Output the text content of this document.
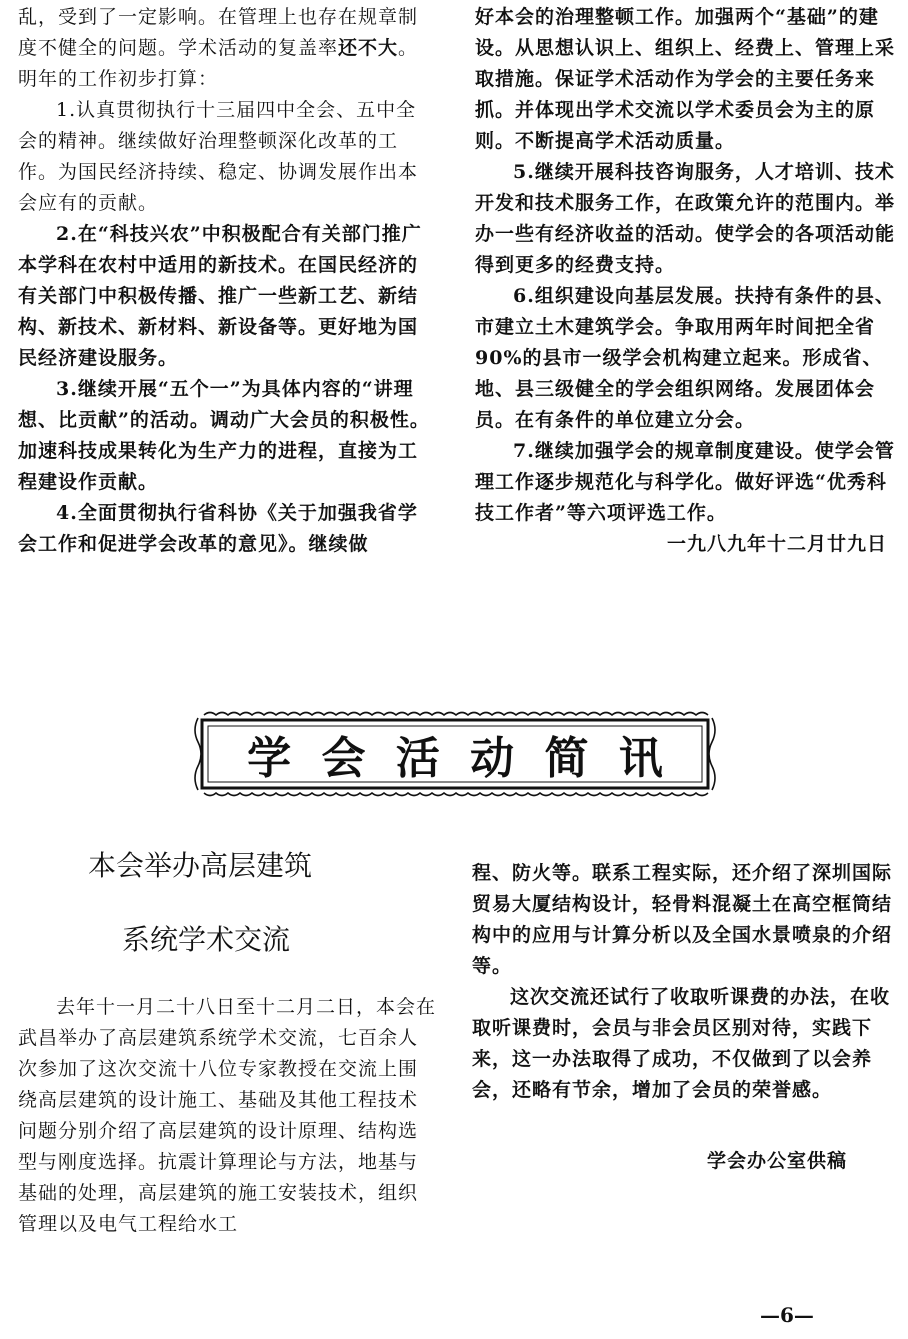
乱，受到了一定影响。在管理上也存在规章制度不健全的问题。学术活动的复盖率还不大。明年的工作初步打算：

1.认真贯彻执行十三届四中全会、五中全会的精神。继续做好治理整顿深化改革的工作。为国民经济持续、稳定、协调发展作出本会应有的贡献。

2.在“科技兴农”中积极配合有关部门推广本学科在农村中适用的新技术。在国民经济的有关部门中积极传播、推广一些新工艺、新结构、新技术、新材料、新设备等。更好地为国民经济建设服务。

3.继续开展“五个一”为具体内容的“讲理想、比贡献”的活动。调动广大会员的积极性。加速科技成果转化为生产力的进程，直接为工程建设作贡献。

4.全面贯彻执行省科协《关于加强我省学会工作和促进学会改革的意见》。继续做

好本会的治理整顿工作。加强两个“基础”的建设。从思想认识上、组织上、经费上、管理上采取措施。保证学术活动作为学会的主要任务来抓。并体现出学术交流以学术委员会为主的原则。不断提高学术活动质量。

5.继续开展科技咨询服务，人才培训、技术开发和技术服务工作，在政策允许的范围内。举办一些有经济收益的活动。使学会的各项活动能得到更多的经费支持。

6.组织建设向基层发展。扶持有条件的县、市建立土木建筑学会。争取用两年时间把全省90%的县市一级学会机构建立起来。形成省、地、县三级健全的学会组织网络。发展团体会员。在有条件的单位建立分会。

7.继续加强学会的规章制度建设。使学会管理工作逐步规范化与科学化。做好评选“优秀科技工作者”等六项评选工作。

一九八九年十二月廿九日

学 会 活 动 简 讯
本会举办高层建筑
系统学术交流

去年十一月二十八日至十二月二日，本会在武昌举办了高层建筑系统学术交流，七百余人次参加了这次交流十八位专家教授在交流上围绕高层建筑的设计施工、基础及其他工程技术问题分别介绍了高层建筑的设计原理、结构选型与刚度选择。抗震计算理论与方法，地基与基础的处理，高层建筑的施工安装技术，组织管理以及电气工程给水工

程、防火等。联系工程实际，还介绍了深圳国际贸易大厦结构设计，轻骨料混凝土在高空框筒结构中的应用与计算分析以及全国水景喷泉的介绍等。

这次交流还试行了收取听课费的办法，在收取听课费时，会员与非会员区别对待，实践下来，这一办法取得了成功，不仅做到了以会养会，还略有节余，增加了会员的荣誉感。

学会办公室供稿

—6—
